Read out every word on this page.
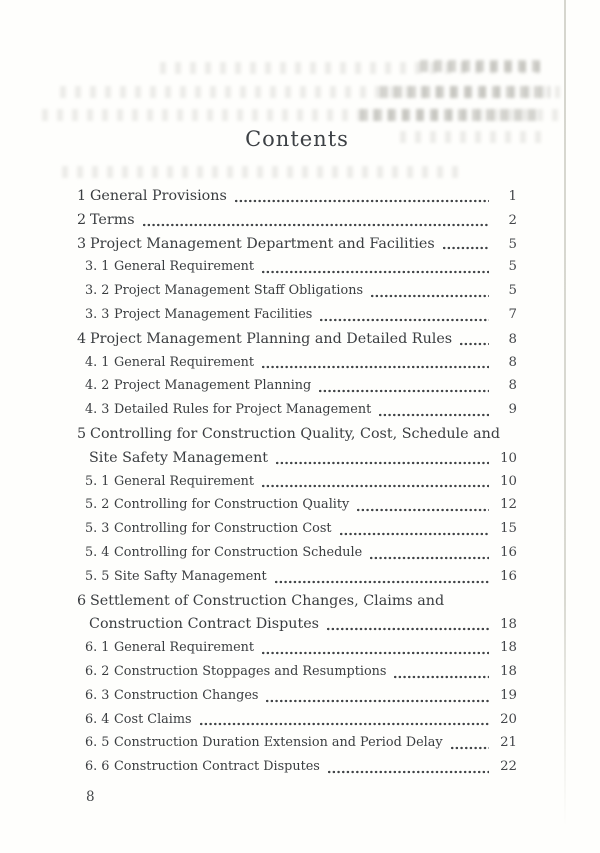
Contents
1 General Provisions	1
2 Terms	2
3 Project Management Department and Facilities	5
3. 1 General Requirement	5
3. 2 Project Management Staff Obligations	5
3. 3 Project Management Facilities	7
4 Project Management Planning and Detailed Rules	8
4. 1 General Requirement	8
4. 2 Project Management Planning	8
4. 3 Detailed Rules for Project Management	9
5 Controlling for Construction Quality, Cost, Schedule and
Site Safety Management	10
5. 1 General Requirement	10
5. 2 Controlling for Construction Quality	12
5. 3 Controlling for Construction Cost	15
5. 4 Controlling for Construction Schedule	16
5. 5 Site Safty Management	16
6 Settlement of Construction Changes, Claims and
Construction Contract Disputes	18
6. 1 General Requirement	18
6. 2 Construction Stoppages and Resumptions	18
6. 3 Construction Changes	19
6. 4 Cost Claims	20
6. 5 Construction Duration Extension and Period Delay	21
6. 6 Construction Contract Disputes	22
8
